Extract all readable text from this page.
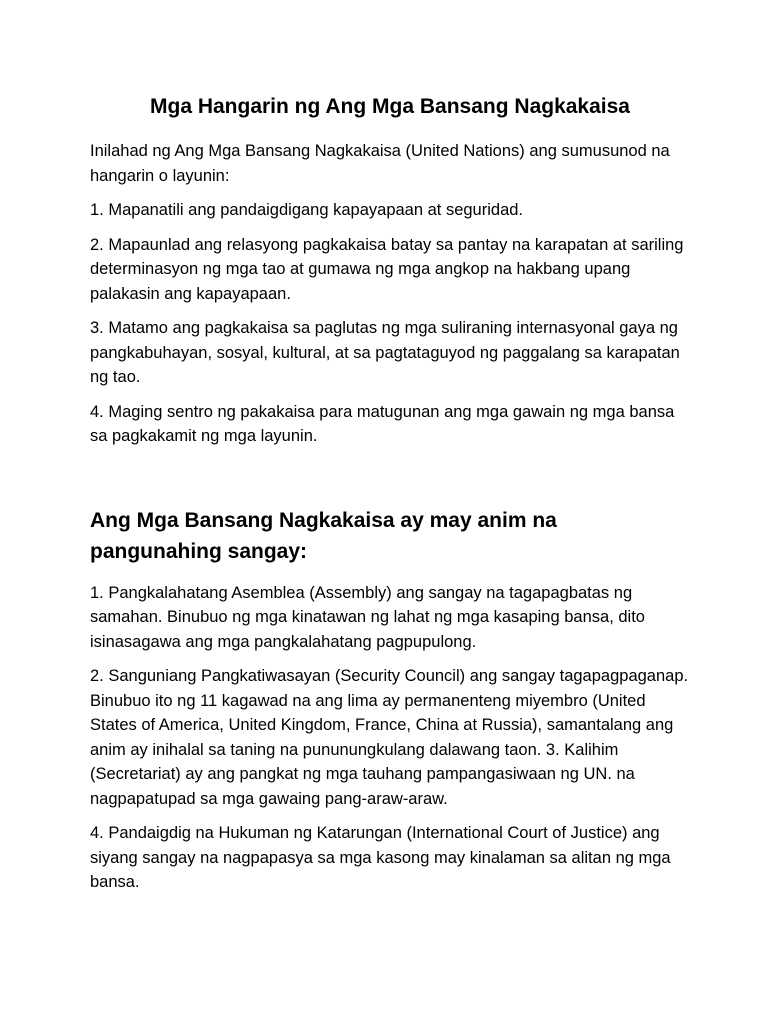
Mga Hangarin ng Ang Mga Bansang Nagkakaisa

Inilahad ng Ang Mga Bansang Nagkakaisa (United Nations) ang sumusunod na hangarin o layunin:

1. Mapanatili ang pandaigdigang kapayapaan at seguridad.

2. Mapaunlad ang relasyong pagkakaisa batay sa pantay na karapatan at sariling determinasyon ng mga tao at gumawa ng mga angkop na hakbang upang palakasin ang kapayapaan.

3. Matamo ang pagkakaisa sa paglutas ng mga suliraning internasyonal gaya ng pangkabuhayan, sosyal, kultural, at sa pagtataguyod ng paggalang sa karapatan ng tao.

4. Maging sentro ng pakakaisa para matugunan ang mga gawain ng mga bansa sa pagkakamit ng mga layunin.

Ang Mga Bansang Nagkakaisa ay may anim na pangunahing sangay:

1. Pangkalahatang Asemblea (Assembly) ang sangay na tagapagbatas ng samahan. Binubuo ng mga kinatawan ng lahat ng mga kasaping bansa, dito isinasagawa ang mga pangkalahatang pagpupulong.

2. Sanguniang Pangkatiwasayan (Security Council) ang sangay tagapagpaganap. Binubuo ito ng 11 kagawad na ang lima ay permanenteng miyembro (United States of America, United Kingdom, France, China at Russia), samantalang ang anim ay inihalal sa taning na pununungkulang dalawang taon. 3. Kalihim (Secretariat) ay ang pangkat ng mga tauhang pampangasiwaan ng UN. na nagpapatupad sa mga gawaing pang-araw-araw.

4. Pandaigdig na Hukuman ng Katarungan (International Court of Justice) ang siyang sangay na nagpapasya sa mga kasong may kinalaman sa alitan ng mga bansa.
